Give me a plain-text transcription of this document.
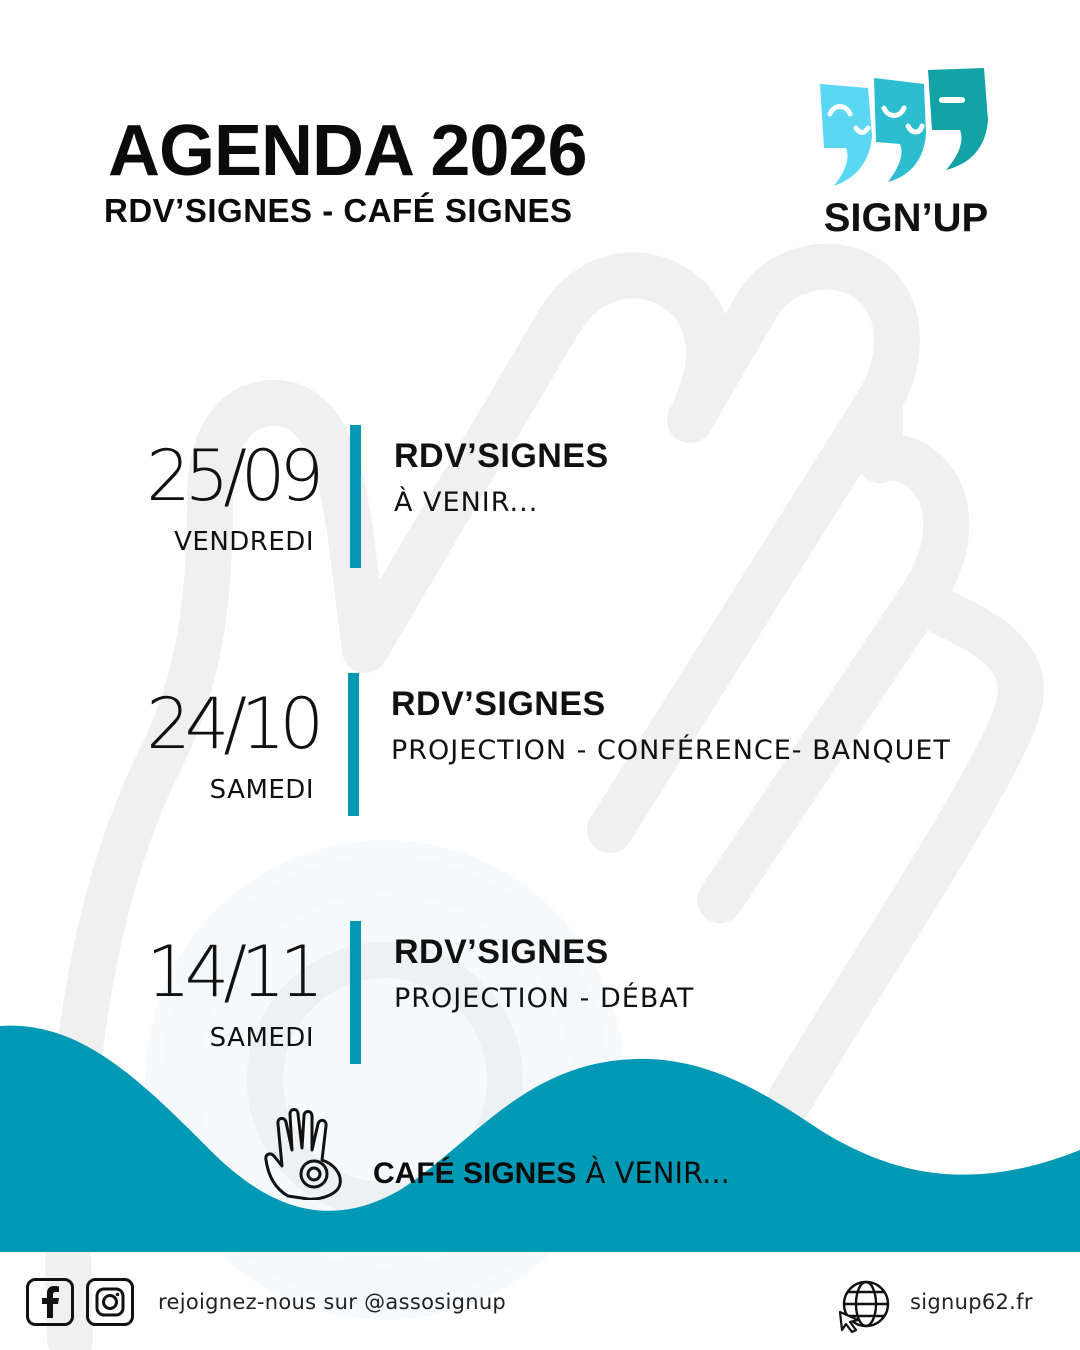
AGENDA 2026
RDV’SIGNES - CAFÉ SIGNES	SIGN’UP
25/09
VENDREDI
RDV’SIGNES
À VENIR...
24/10
SAMEDI
RDV’SIGNES
PROJECTION - CONFÉRENCE- BANQUET
14/11
SAMEDI
RDV’SIGNES
PROJECTION - DÉBAT
CAFÉ SIGNES À VENIR...
rejoignez-nous sur @assosignup	signup62.fr
